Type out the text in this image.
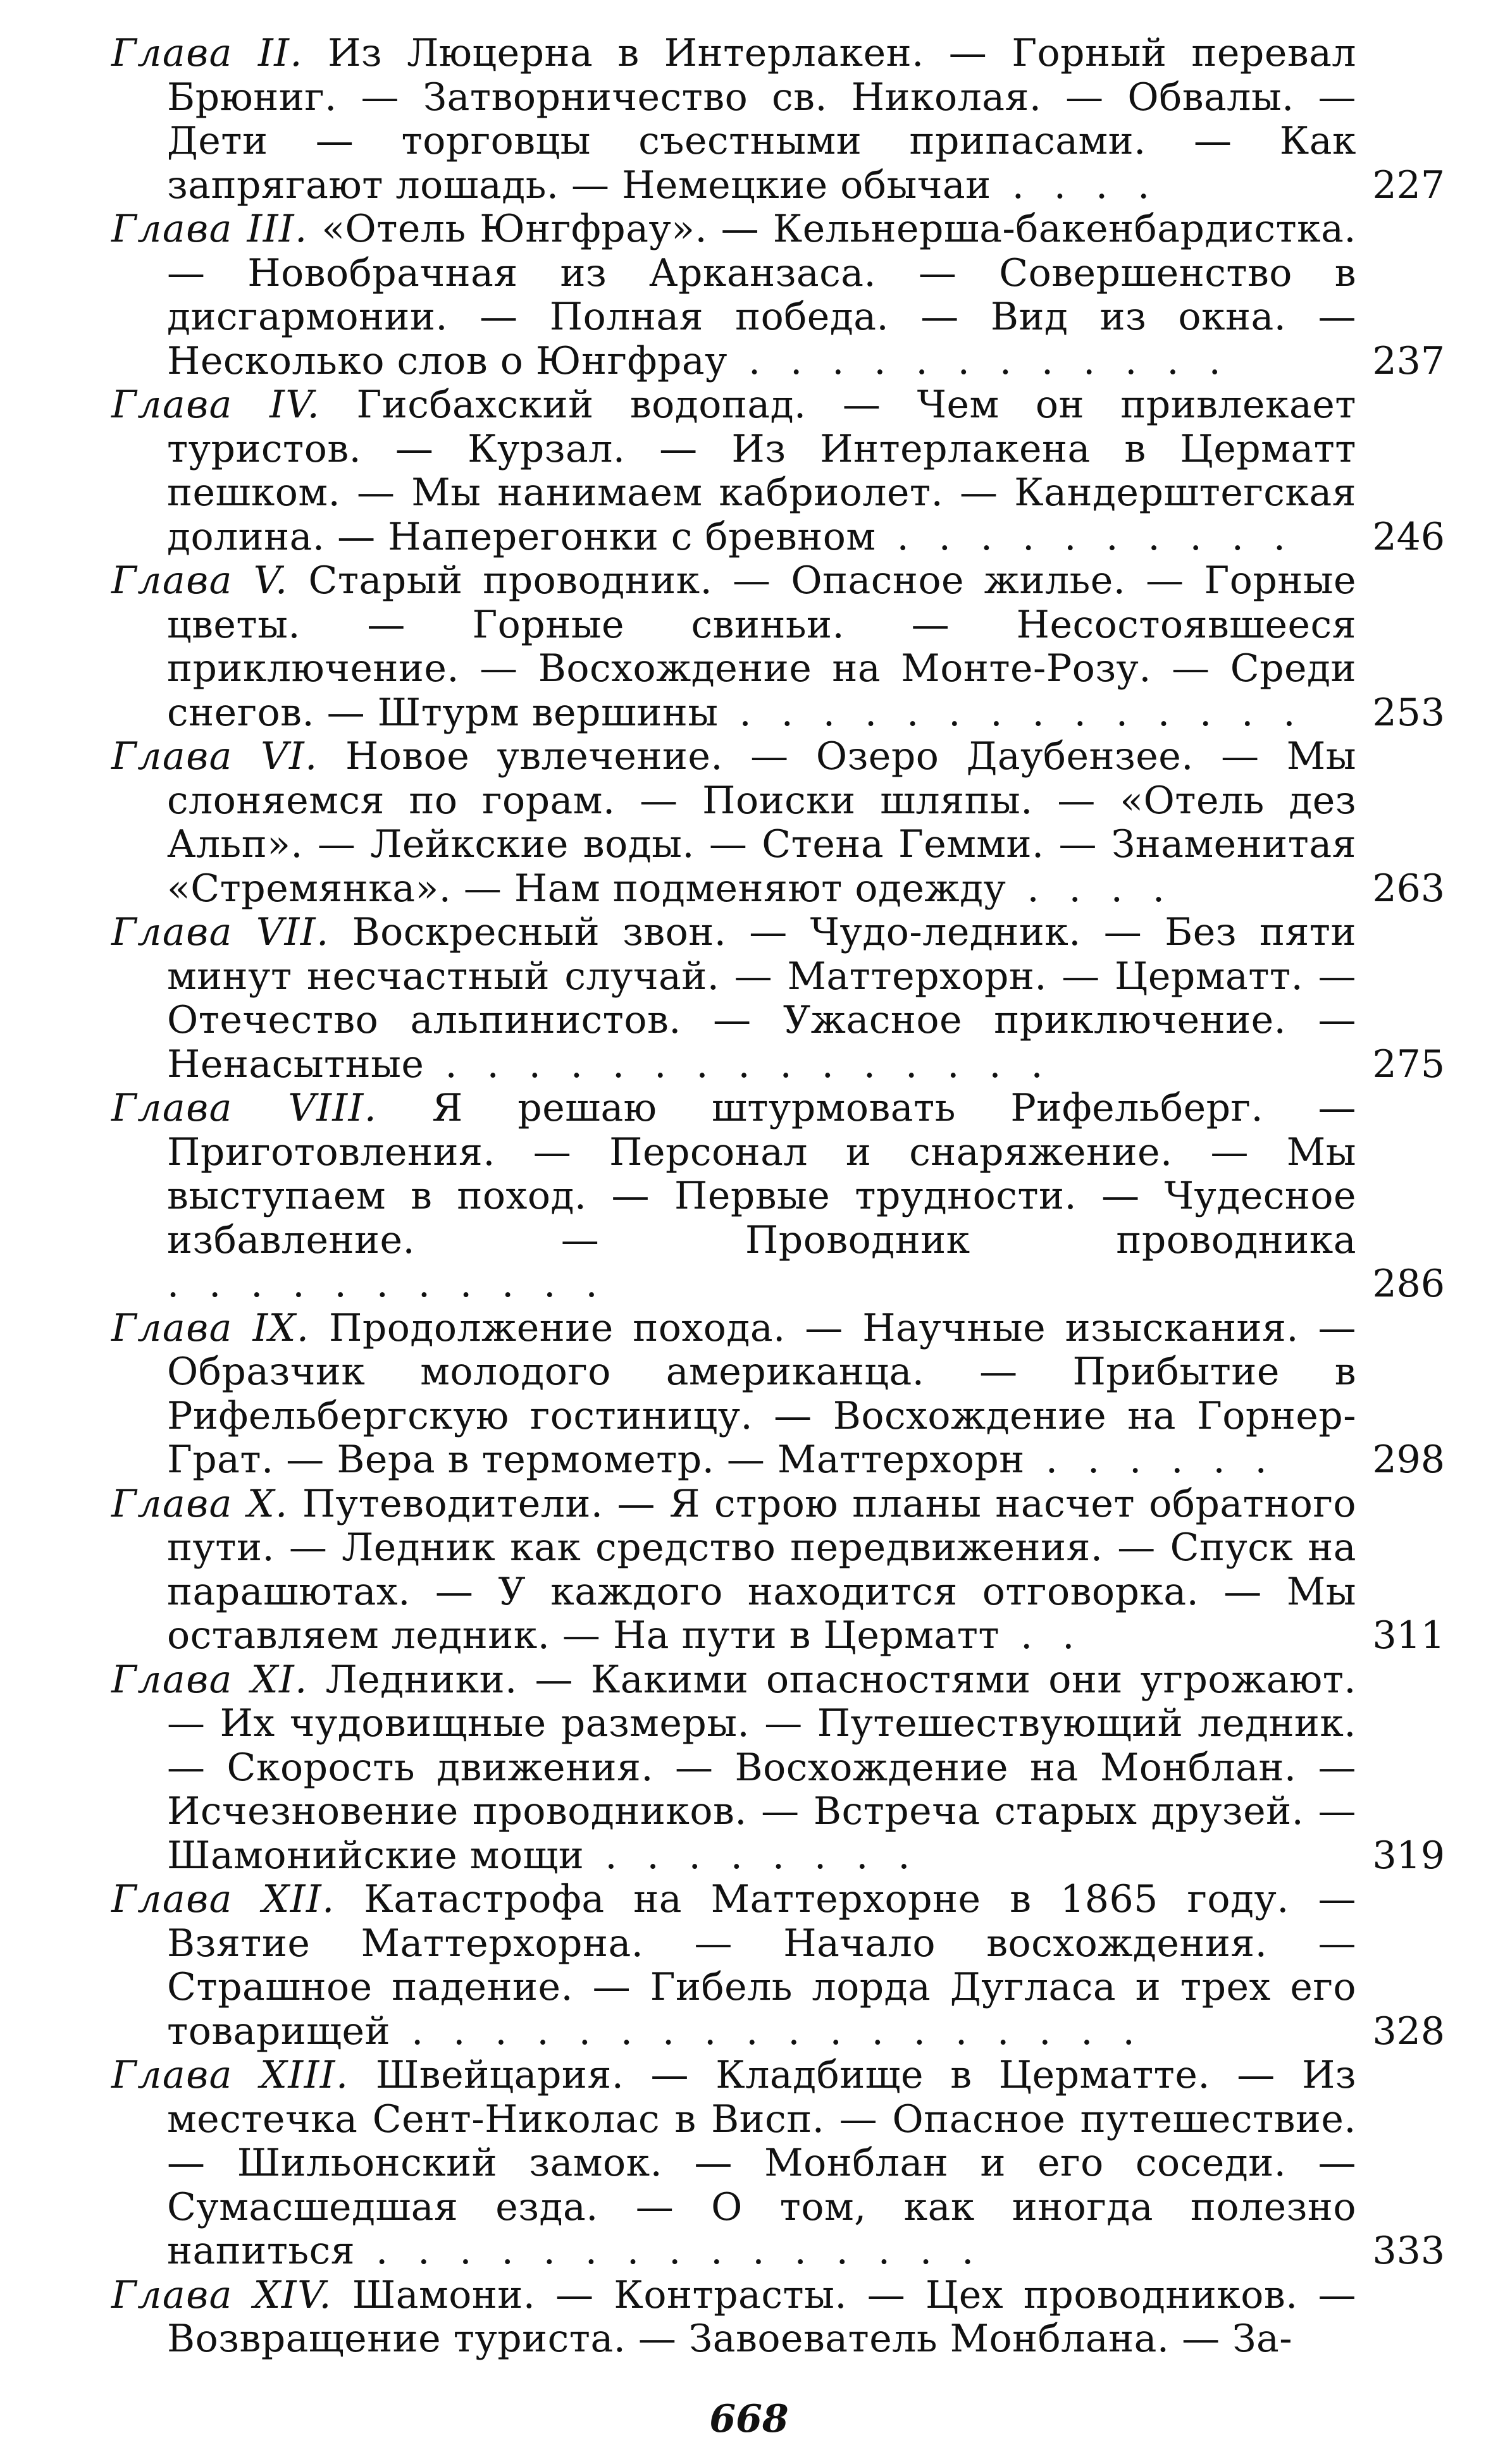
Глава II. Из Люцерна в Интерлакен. — Горный перевал Брюниг. — Затворничество св. Николая. — Обвалы. — Дети — торговцы съестными припасами. — Как запрягают лошадь. — Немецкие обычаи . . . .	227
Глава III. «Отель Юнгфрау». — Кельнерша-бакенбардистка. — Новобрачная из Арканзаса. — Совершенство в дисгармонии. — Полная победа. — Вид из окна. — Несколько слов о Юнгфрау . . . . . . . . . . . .	237
Глава IV. Гисбахский водопад. — Чем он привлекает туристов. — Курзал. — Из Интерлакена в Церматт пешком. — Мы нанимаем кабриолет. — Кандерштегская долина. — Наперегонки с бревном . . . . . . . . . .	246
Глава V. Старый проводник. — Опасное жилье. — Горные цветы. — Горные свиньи. — Несостоявшееся приключение. — Восхождение на Монте-Розу. — Среди снегов. — Штурм вершины . . . . . . . . . . . . . .	253
Глава VI. Новое увлечение. — Озеро Даубензее. — Мы слоняемся по горам. — Поиски шляпы. — «Отель дез Альп». — Лейкские воды. — Стена Гемми. — Знаменитая «Стремянка». — Нам подменяют одежду . . . .	263
Глава VII. Воскресный звон. — Чудо-ледник. — Без пяти минут несчастный случай. — Маттерхорн. — Церматт. — Отечество альпинистов. — Ужасное приключение. — Ненасытные . . . . . . . . . . . . . . .	275
Глава VIII. Я решаю штурмовать Рифельберг. — Приготовления. — Персонал и снаряжение. — Мы выступаем в поход. — Первые трудности. — Чудесное избавление. — Проводник проводника . . . . . . . . . . .	286
Глава IX. Продолжение похода. — Научные изыскания. — Образчик молодого американца. — Прибытие в Рифельбергскую гостиницу. — Восхождение на Горнер-Грат. — Вера в термометр. — Маттерхорн . . . . . .	298
Глава X. Путеводители. — Я строю планы насчет обратного пути. — Ледник как средство передвижения. — Спуск на парашютах. — У каждого находится отговорка. — Мы оставляем ледник. — На пути в Церматт . .	311
Глава XI. Ледники. — Какими опасностями они угрожают. — Их чудовищные размеры. — Путешествующий ледник. — Скорость движения. — Восхождение на Монблан. — Исчезновение проводников. — Встреча старых друзей. — Шамонийские мощи . . . . . . . .	319
Глава XII. Катастрофа на Маттерхорне в 1865 году. — Взятие Маттерхорна. — Начало восхождения. — Страшное падение. — Гибель лорда Дугласа и трех его товарищей . . . . . . . . . . . . . . . . . .	328
Глава XIII. Швейцария. — Кладбище в Церматте. — Из местечка Сент-Николас в Висп. — Опасное путешествие. — Шильонский замок. — Монблан и его соседи. — Сумасшедшая езда. — О том, как иногда полезно напиться . . . . . . . . . . . . . . .	333
Глава XIV. Шамони. — Контрасты. — Цех проводников. — Возвращение туриста. — Завоеватель Монблана. — За-
668
